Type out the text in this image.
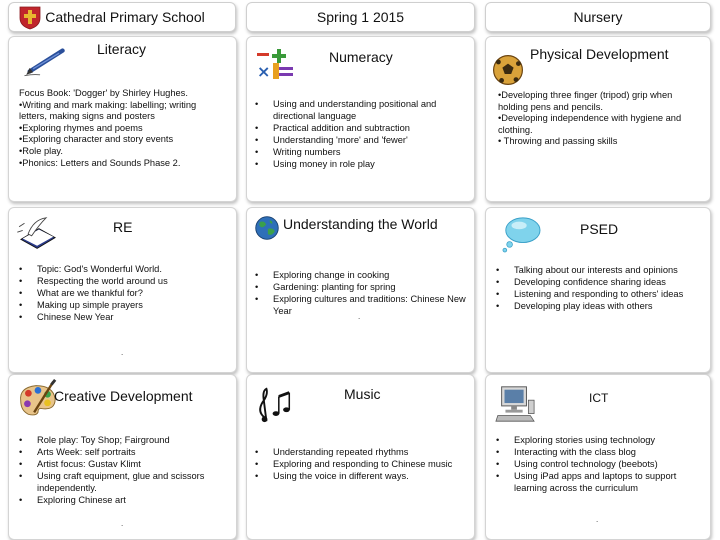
Cathedral Primary School	Spring 1 2015	Nursery
Literacy
Focus Book: 'Dogger' by Shirley Hughes.
•Writing and mark making: labelling; writing
letters, making signs and posters
•Exploring rhymes and poems
•Exploring character and story events
•Role play.
•Phonics: Letters and Sounds Phase 2.
×
Numeracy
• Using and understanding positional and directional language
• Practical addition and subtraction
• Understanding 'more' and 'fewer'
• Writing numbers
• Using money in role play
Physical Development
•Developing three finger (tripod) grip when
holding pens and pencils.
•Developing independence with hygiene and
clothing.
• Throwing and passing skills
RE
• Topic: God's Wonderful World.
• Respecting the world around us
• What are we thankful for?
• Making up simple prayers
• Chinese New Year
.
Understanding the World
• Exploring change in cooking
• Gardening: planting for spring
• Exploring cultures and traditions: Chinese New Year
.
PSED
• Talking about our interests and opinions
• Developing confidence sharing ideas
• Listening and responding to others' ideas
• Developing play ideas with others
Creative Development
• Role play: Toy Shop; Fairground
• Arts Week: self portraits
• Artist focus: Gustav Klimt
• Using craft equipment, glue and scissors independently.
• Exploring Chinese art
.
Music
• Understanding repeated rhythms
• Exploring and responding to Chinese music
• Using the voice in different ways.
ICT
• Exploring stories using technology
• Interacting with the class blog
• Using control technology (beebots)
• Using iPad apps and laptops to support learning across the curriculum
.
